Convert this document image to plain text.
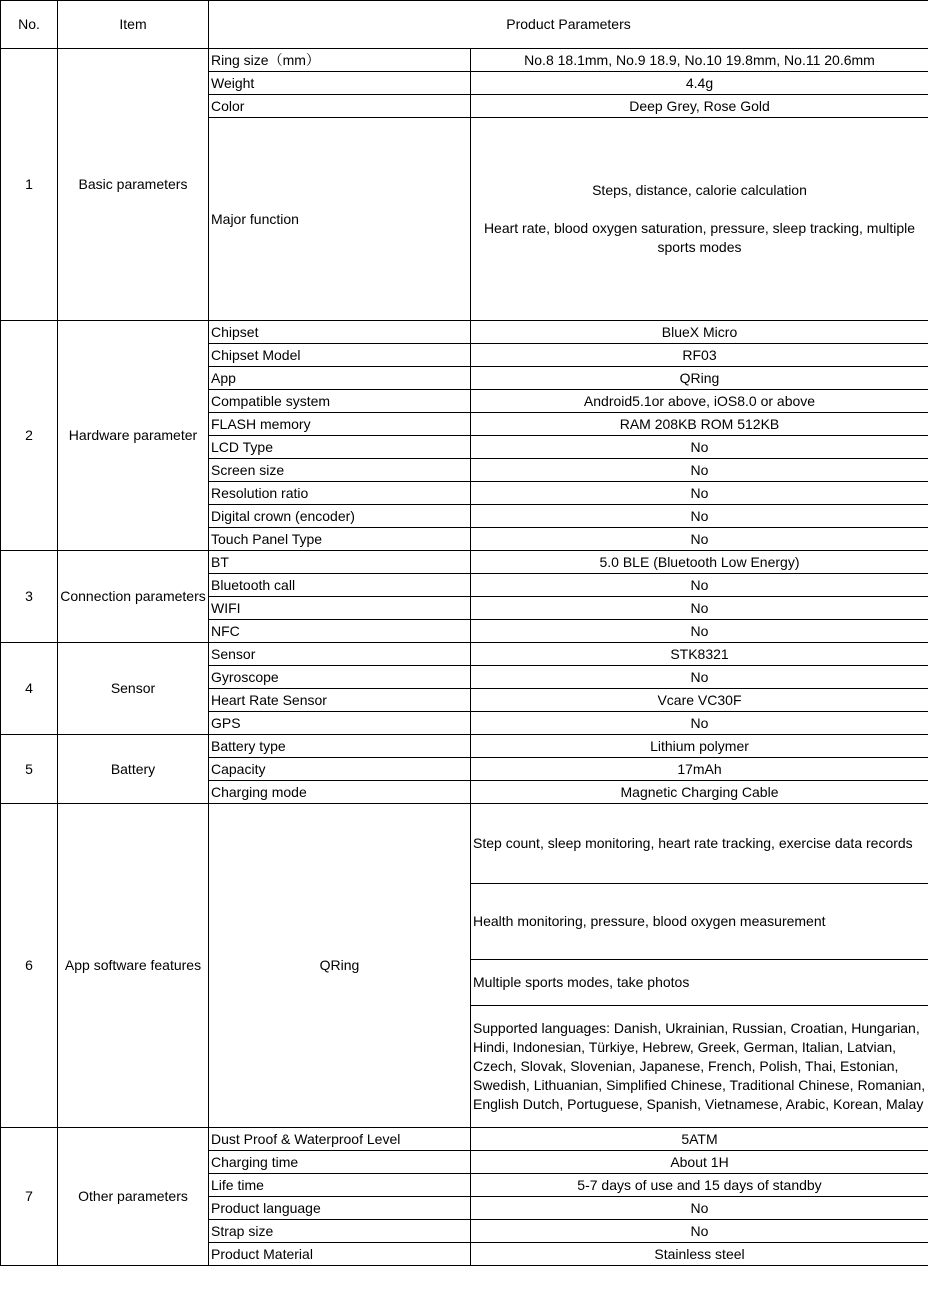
No.	Item	Product Parameters	
1	Basic parameters	Ring size（mm）	No.8 18.1mm, No.9 18.9, No.10 19.8mm, No.11 20.6mm
		Weight	4.4g
		Color	Deep Grey, Rose Gold
		Major function	Steps, distance, calorie calculation

Heart rate, blood oxygen saturation, pressure, sleep tracking, multiple sports modes

2	Hardware parameter	Chipset	BlueX Micro
		Chipset Model	RF03
		App	QRing
		Compatible system	Android5.1or above, iOS8.0 or above
		FLASH memory	RAM 208KB ROM 512KB
		LCD Type	No
		Screen size	No
		Resolution ratio	No
		Digital crown (encoder)	No
		Touch Panel Type	No
3	Connection parameters	BT	5.0 BLE (Bluetooth Low Energy)
		Bluetooth call	No
		WIFI	No
		NFC	No
4	Sensor	Sensor	STK8321
		Gyroscope	No
		Heart Rate Sensor	Vcare VC30F
		GPS	No
5	Battery	Battery type	Lithium polymer
		Capacity	17mAh
		Charging mode	Magnetic Charging Cable
6	App software features	QRing	Step count, sleep monitoring, heart rate tracking, exercise data records
			Health monitoring, pressure, blood oxygen measurement
			Multiple sports modes, take photos
			Supported languages: Danish, Ukrainian, Russian, Croatian, Hungarian, Hindi, Indonesian, Türkiye, Hebrew, Greek, German, Italian, Latvian, Czech, Slovak, Slovenian, Japanese, French, Polish, Thai, Estonian, Swedish, Lithuanian, Simplified Chinese, Traditional Chinese, Romanian, English Dutch, Portuguese, Spanish, Vietnamese, Arabic, Korean, Malay
7	Other parameters	Dust Proof & Waterproof Level	5ATM
		Charging time	About 1H
		Life time	5-7 days of use and 15 days of standby
		Product language	No
		Strap size	No
		Product Material	Stainless steel
